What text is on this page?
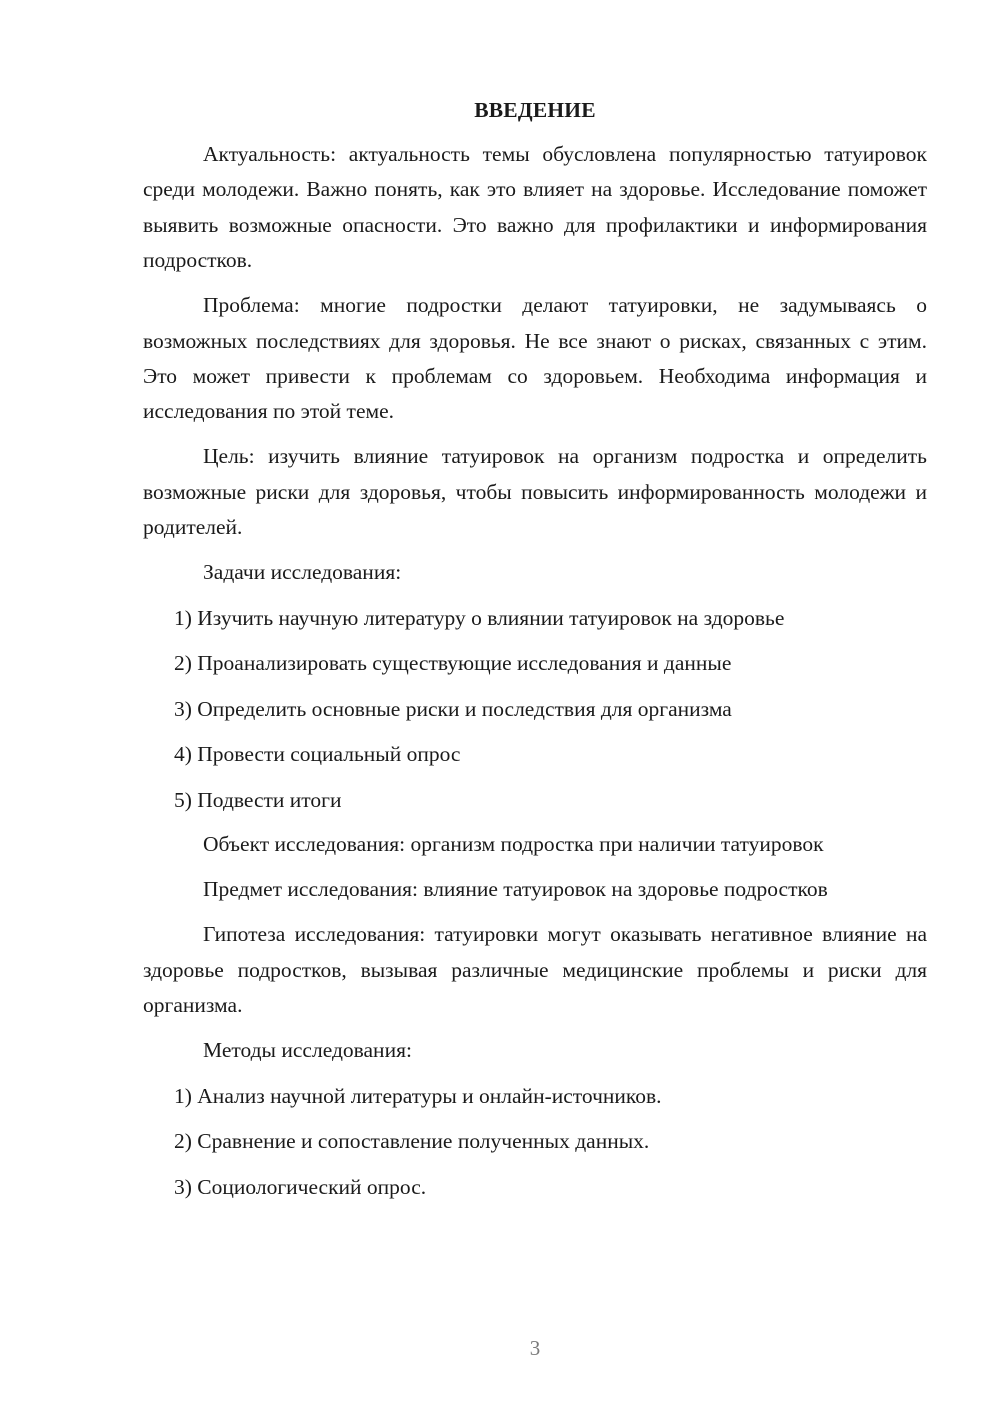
ВВЕДЕНИЕ

Актуальность: актуальность темы обусловлена популярностью татуировок среди молодежи. Важно понять, как это влияет на здоровье. Исследование поможет выявить возможные опасности. Это важно для профилактики и информирования подростков.

Проблема: многие подростки делают татуировки, не задумываясь о возможных последствиях для здоровья. Не все знают о рисках, связанных с этим. Это может привести к проблемам со здоровьем. Необходима информация и исследования по этой теме.

Цель: изучить влияние татуировок на организм подростка и определить возможные риски для здоровья, чтобы повысить информированность молодежи и родителей.

Задачи исследования:

1) Изучить научную литературу о влиянии татуировок на здоровье
2) Проанализировать существующие исследования и данные
3) Определить основные риски и последствия для организма
4) Провести социальный опрос
5) Подвести итоги

Объект исследования: организм подростка при наличии татуировок

Предмет исследования: влияние татуировок на здоровье подростков

Гипотеза исследования: татуировки могут оказывать негативное влияние на здоровье подростков, вызывая различные медицинские проблемы и риски для организма.

Методы исследования:

1) Анализ научной литературы и онлайн-источников.
2) Сравнение и сопоставление полученных данных.
3) Социологический опрос.
3
